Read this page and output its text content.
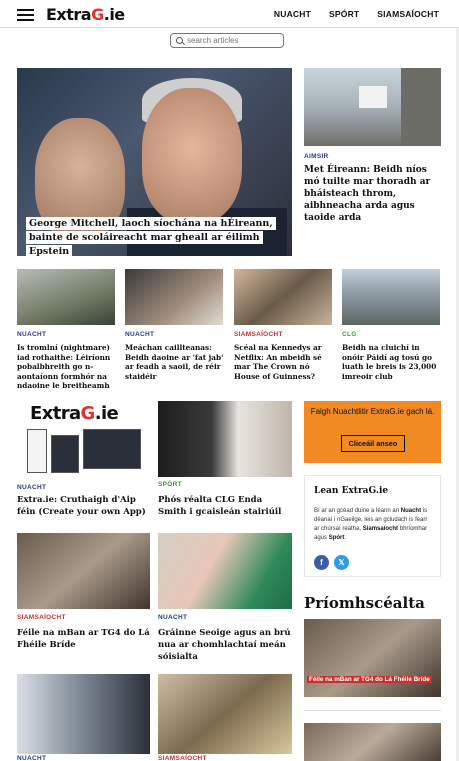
ExtraG.ie	NUACHT SPÓRT SIAMSAÍOCHT
search articles
George Mitchell, laoch síochána na hÉireann, bainte de scoláireacht mar gheall ar éilimh Epstein
AIMSIR
Met Éireann: Beidh níos mó tuilte mar thoradh ar bháisteach throm, aibhneacha arda agus taoide arda
NUACHT
Is tromlní (nightmare) iad rothaithe: Léiríonn pobalbhreith go n-aontaíonn formhór na ndaoine le breitheamh
NUACHT
Meáchan caillteanas: Beidh daoine ar 'fat jab' ar feadh a saoil, de réir staidéir
SIAMSAÍOCHT
Scéal na Kennedys ar Netflix: An mbeidh sé mar The Crown nó House of Guinness?
CLG
Beidh na cluichí in onóir Páidí ag tosú go luath le breis is 23,000 imreoir club
ExtraG.ie
NUACHT
Extra.ie: Cruthaigh d'Aip féin (Create your own App)
SPÓRT
Phós réalta CLG Enda Smith i gcaisleán stairiúil
Faigh Nuachtlitir ExtraG.ie gach lá.
Cliceáil anseo
Lean ExtraG.ie
Bí ar an gcéad duine a léann an Nuacht is déanaí i nGaeilge, leis an gcludach is fearr ar chúrsaí reatha, Siamsaíocht bhríomhar agus Spórt.
f	𝕏
SIAMSAÍOCHT
Féile na mBan ar TG4 do Lá Fhéile Bríde
NUACHT
Gráinne Seoige agus an brú nua ar chomhlachtaí meán sóisialta
Príomhscéalta
Féile na mBan ar TG4 do Lá Fhéile Bríde
NUACHT	SIAMSAÍOCHT
